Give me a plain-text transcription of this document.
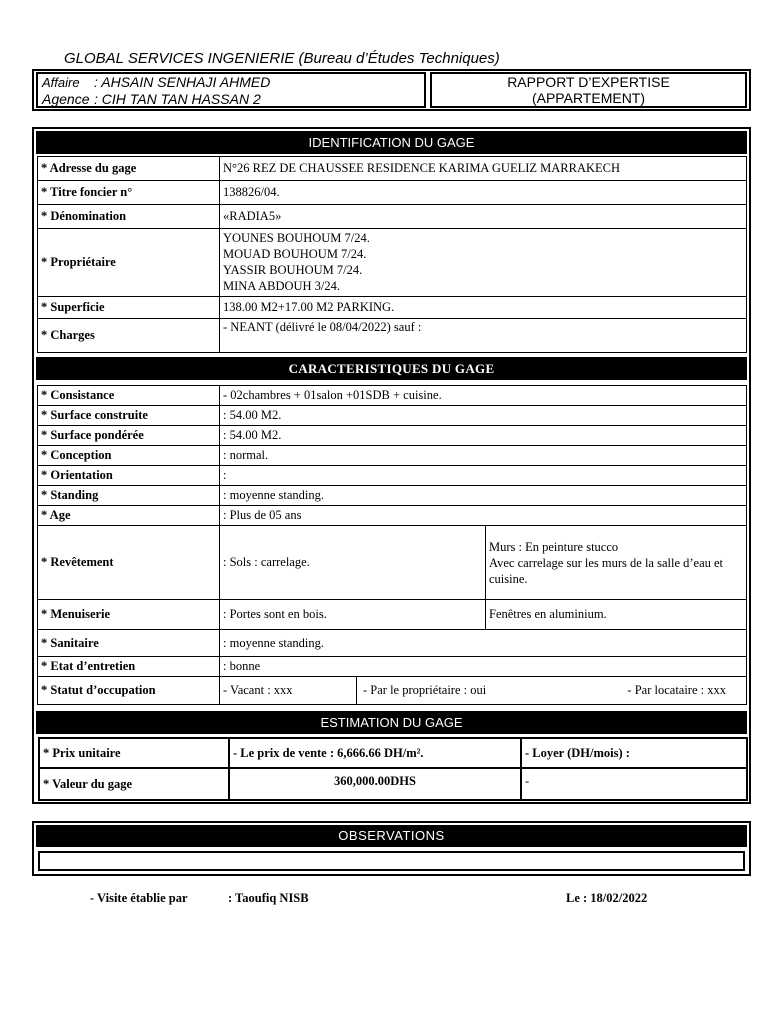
GLOBAL SERVICES INGENIERIE (Bureau d’Études Techniques)
Affaire : AHSAIN SENHAJI AHMED
Agence : CIH TAN TAN HASSAN 2
RAPPORT D’EXPERTISE
(APPARTEMENT)
IDENTIFICATION DU GAGE
* Adresse du gage	N°26 REZ DE CHAUSSEE RESIDENCE KARIMA GUELIZ MARRAKECH
* Titre foncier n°	138826/04.
* Dénomination	«RADIA5»
* Propriétaire	YOUNES BOUHOUM 7/24.
MOUAD BOUHOUM 7/24.
YASSIR BOUHOUM 7/24.
MINA ABDOUH 3/24.

* Superficie	138.00 M2+17.00 M2 PARKING.
* Charges	- NEANT (délivré le 08/04/2022) sauf :
CARACTERISTIQUES DU GAGE
* Consistance	- 02chambres + 01salon +01SDB + cuisine.		
* Surface construite	: 54.00 M2.		
* Surface pondérée	: 54.00 M2.		
* Conception	: normal.		
* Orientation	:		
* Standing	: moyenne standing.		
* Age	: Plus de 05 ans		
* Revêtement	: Sols : carrelage.		Murs : En peinture stucco
Avec carrelage sur les murs de la salle d’eau et cuisine.

* Menuiserie	: Portes sont en bois.		Fenêtres en aluminium.
* Sanitaire	: moyenne standing.		
* Etat d’entretien	: bonne		
* Statut d’occupation	- Vacant : xxx	- Par le propriétaire : oui - Par locataire : xxx	
ESTIMATION DU GAGE
* Prix unitaire	- Le prix de vente : 6,666.66 DH/m².	- Loyer (DH/mois) :
* Valeur du gage	360,000.00DHS	-
OBSERVATIONS
- Visite établie par	: Taoufiq NISB	Le : 18/02/2022
